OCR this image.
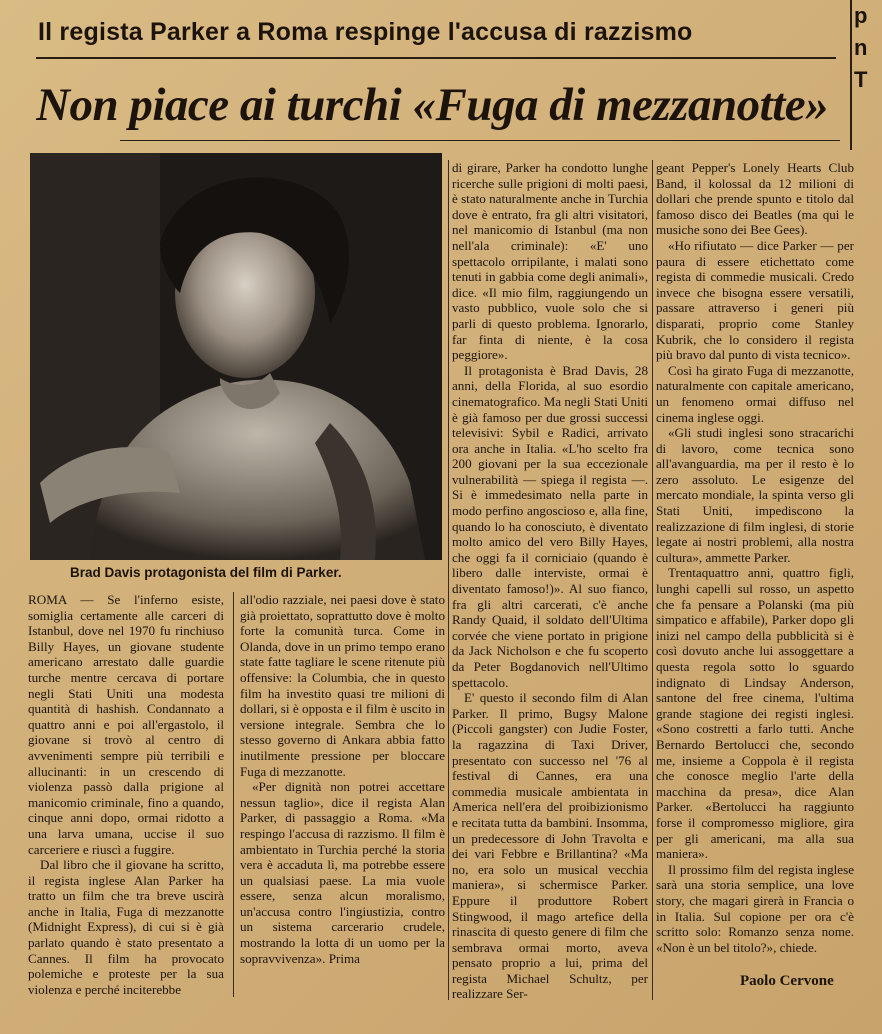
Il regista Parker a Roma respinge l'accusa di razzismo
Non piace ai turchi «Fuga di mezzanotte»
p
n
T
Brad Davis protagonista del film di Parker.

ROMA — Se l'inferno esiste, somiglia certamente alle carceri di Istanbul, dove nel 1970 fu rinchiuso Billy Hayes, un giovane studente americano arrestato dalle guardie turche mentre cercava di portare negli Stati Uniti una modesta quantità di hashish. Condannato a quattro anni e poi all'ergastolo, il giovane si trovò al centro di avvenimenti sempre più terribili e allucinanti: in un crescendo di violenza passò dalla prigione al manicomio criminale, fino a quando, cinque anni dopo, ormai ridotto a una larva umana, uccise il suo carceriere e riuscì a fuggire.

Dal libro che il giovane ha scritto, il regista inglese Alan Parker ha tratto un film che tra breve uscirà anche in Italia, Fuga di mezzanotte (Midnight Express), di cui si è già parlato quando è stato presentato a Cannes. Il film ha provocato polemiche e proteste per la sua violenza e perché inciterebbe

all'odio razziale, nei paesi dove è stato già proiettato, soprattutto dove è molto forte la comunità turca. Come in Olanda, dove in un primo tempo erano state fatte tagliare le scene ritenute più offensive: la Columbia, che in questo film ha investito quasi tre milioni di dollari, si è opposta e il film è uscito in versione integrale. Sembra che lo stesso governo di Ankara abbia fatto inutilmente pressione per bloccare Fuga di mezzanotte.

«Per dignità non potrei accettare nessun taglio», dice il regista Alan Parker, di passaggio a Roma. «Ma respingo l'accusa di razzismo. Il film è ambientato in Turchia perché la storia vera è accaduta lì, ma potrebbe essere un qualsiasi paese. La mia vuole essere, senza alcun moralismo, un'accusa contro l'ingiustizia, contro un sistema carcerario crudele, mostrando la lotta di un uomo per la sopravvivenza». Prima

di girare, Parker ha condotto lunghe ricerche sulle prigioni di molti paesi, è stato naturalmente anche in Turchia dove è entrato, fra gli altri visitatori, nel manicomio di Istanbul (ma non nell'ala criminale): «E' uno spettacolo orripilante, i malati sono tenuti in gabbia come degli animali», dice. «Il mio film, raggiungendo un vasto pubblico, vuole solo che si parli di questo problema. Ignorarlo, far finta di niente, è la cosa peggiore».

Il protagonista è Brad Davis, 28 anni, della Florida, al suo esordio cinematografico. Ma negli Stati Uniti è già famoso per due grossi successi televisivi: Sybil e Radici, arrivato ora anche in Italia. «L'ho scelto fra 200 giovani per la sua eccezionale vulnerabilità — spiega il regista —. Si è immedesimato nella parte in modo perfino angoscioso e, alla fine, quando lo ha conosciuto, è diventato molto amico del vero Billy Hayes, che oggi fa il corniciaio (quando è libero dalle interviste, ormai è diventato famoso!)». Al suo fianco, fra gli altri carcerati, c'è anche Randy Quaid, il soldato dell'Ultima corvée che viene portato in prigione da Jack Nicholson e che fu scoperto da Peter Bogdanovich nell'Ultimo spettacolo.

E' questo il secondo film di Alan Parker. Il primo, Bugsy Malone (Piccoli gangster) con Judie Foster, la ragazzina di Taxi Driver, presentato con successo nel '76 al festival di Cannes, era una commedia musicale ambientata in America nell'era del proibizionismo e recitata tutta da bambini. Insomma, un predecessore di John Travolta e dei vari Febbre e Brillantina? «Ma no, era solo un musical vecchia maniera», si schermisce Parker. Eppure il produttore Robert Stingwood, il mago artefice della rinascita di questo genere di film che sembrava ormai morto, aveva pensato proprio a lui, prima del regista Michael Schultz, per realizzare Ser-

geant Pepper's Lonely Hearts Club Band, il kolossal da 12 milioni di dollari che prende spunto e titolo dal famoso disco dei Beatles (ma qui le musiche sono dei Bee Gees).

«Ho rifiutato — dice Parker — per paura di essere etichettato come regista di commedie musicali. Credo invece che bisogna essere versatili, passare attraverso i generi più disparati, proprio come Stanley Kubrik, che lo considero il regista più bravo dal punto di vista tecnico».

Così ha girato Fuga di mezzanotte, naturalmente con capitale americano, un fenomeno ormai diffuso nel cinema inglese oggi.

«Gli studi inglesi sono stracarichi di lavoro, come tecnica sono all'avanguardia, ma per il resto è lo zero assoluto. Le esigenze del mercato mondiale, la spinta verso gli Stati Uniti, impediscono la realizzazione di film inglesi, di storie legate ai nostri problemi, alla nostra cultura», ammette Parker.

Trentaquattro anni, quattro figli, lunghi capelli sul rosso, un aspetto che fa pensare a Polanski (ma più simpatico e affabile), Parker dopo gli inizi nel campo della pubblicità si è così dovuto anche lui assoggettare a questa regola sotto lo sguardo indignato di Lindsay Anderson, santone del free cinema, l'ultima grande stagione dei registi inglesi. «Sono costretti a farlo tutti. Anche Bernardo Bertolucci che, secondo me, insieme a Coppola è il regista che conosce meglio l'arte della macchina da presa», dice Alan Parker. «Bertolucci ha raggiunto forse il compromesso migliore, gira per gli americani, ma alla sua maniera».

Il prossimo film del regista inglese sarà una storia semplice, una love story, che magari girerà in Francia o in Italia. Sul copione per ora c'è scritto solo: Romanzo senza nome. «Non è un bel titolo?», chiede.

Paolo Cervone
